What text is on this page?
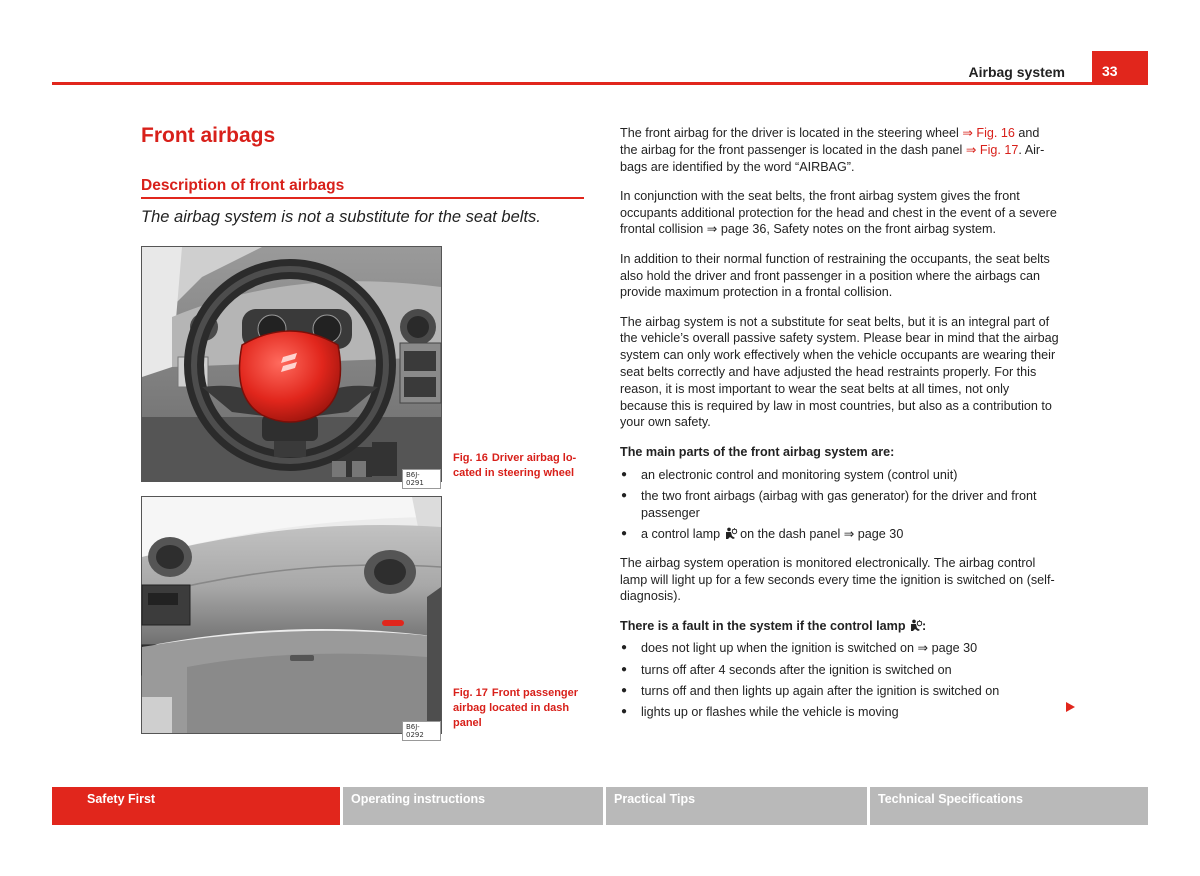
Airbag system	33
Front airbags
Description of front airbags
The airbag system is not a substitute for the seat belts.
B6J-0291
Fig. 16 Driver airbag lo-
cated in steering wheel
B6J-0292
Fig. 17 Front passenger
airbag located in dash
panel

The front airbag for the driver is located in the steering wheel ⇒ Fig. 16 and the airbag for the front passenger is located in the dash panel ⇒ Fig. 17. Airbags are identified by the word “AIRBAG”.

In conjunction with the seat belts, the front airbag system gives the front occupants additional protection for the head and chest in the event of a severe frontal collision ⇒ page 36, Safety notes on the front airbag system.

In addition to their normal function of restraining the occupants, the seat belts also hold the driver and front passenger in a position where the airbags can provide maximum protection in a frontal collision.

The airbag system is not a substitute for seat belts, but it is an integral part of the vehicle’s overall passive safety system. Please bear in mind that the airbag system can only work effectively when the vehicle occupants are wearing their seat belts correctly and have adjusted the head restraints properly. For this reason, it is most important to wear the seat belts at all times, not only because this is required by law in most countries, but also as a contribution to your own safety.

The main parts of the front airbag system are:

● an electronic control and monitoring system (control unit)
● the two front airbags (airbag with gas generator) for the driver and front passenger
● a control lamp  on the dash panel ⇒ page 30

The airbag system operation is monitored electronically. The airbag control lamp will light up for a few seconds every time the ignition is switched on (self-diagnosis).

There is a fault in the system if the control lamp :

● does not light up when the ignition is switched on ⇒ page 30
● turns off after 4 seconds after the ignition is switched on
● turns off and then lights up again after the ignition is switched on
● lights up or flashes while the vehicle is moving
Safety First	Operating instructions	Practical Tips	Technical Specifications
